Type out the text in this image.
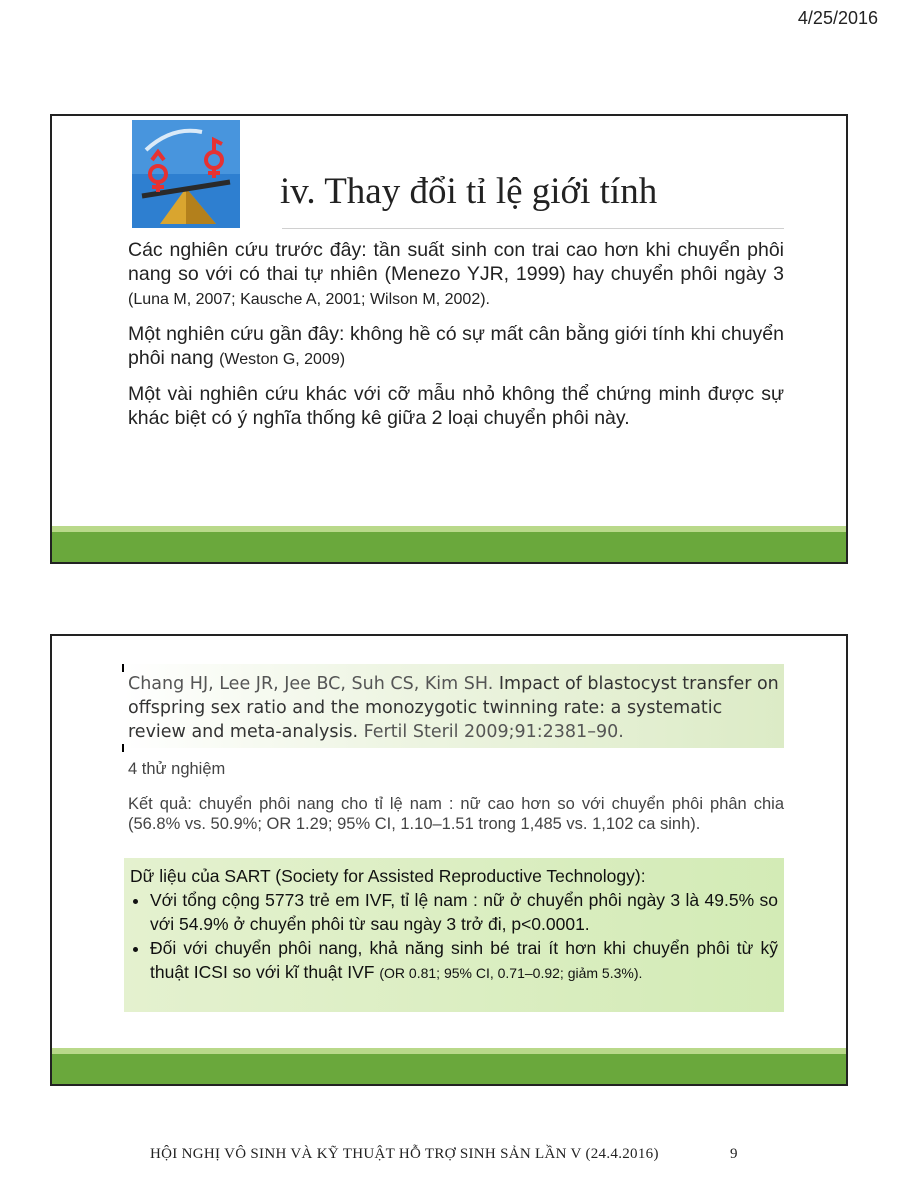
4/25/2016
iv. Thay đổi tỉ lệ giới tính

Các nghiên cứu trước đây: tần suất sinh con trai cao hơn khi chuyển phôi nang so với có thai tự nhiên (Menezo YJR, 1999) hay chuyển phôi ngày 3 (Luna M, 2007; Kausche A, 2001; Wilson M, 2002).

Một nghiên cứu gần đây: không hề có sự mất cân bằng giới tính khi chuyển phôi nang (Weston G, 2009)

Một vài nghiên cứu khác với cỡ mẫu nhỏ không thể chứng minh được sự khác biệt có ý nghĩa thống kê giữa 2 loại chuyển phôi này.

Chang HJ, Lee JR, Jee BC, Suh CS, Kim SH. Impact of blastocyst transfer on offspring sex ratio and the monozygotic twinning rate: a systematic review and meta-analysis. Fertil Steril 2009;91:2381–90.
4 thử nghiệm
Kết quả: chuyển phôi nang cho tỉ lệ nam : nữ cao hơn so với chuyển phôi phân chia (56.8% vs. 50.9%; OR 1.29; 95% CI, 1.10–1.51 trong 1,485 vs. 1,102 ca sinh).
Dữ liệu của SART (Society for Assisted Reproductive Technology):
• Với tổng cộng 5773 trẻ em IVF, tỉ lệ nam : nữ ở chuyển phôi ngày 3 là 49.5% so với 54.9% ở chuyển phôi từ sau ngày 3 trở đi, p<0.0001.
• Đối với chuyển phôi nang, khả năng sinh bé trai ít hơn khi chuyển phôi từ kỹ thuật ICSI so với kĩ thuật IVF (OR 0.81; 95% CI, 0.71–0.92; giảm 5.3%).
HỘI NGHỊ VÔ SINH VÀ KỸ THUẬT HỖ TRỢ SINH SẢN LẦN V (24.4.2016)	9
